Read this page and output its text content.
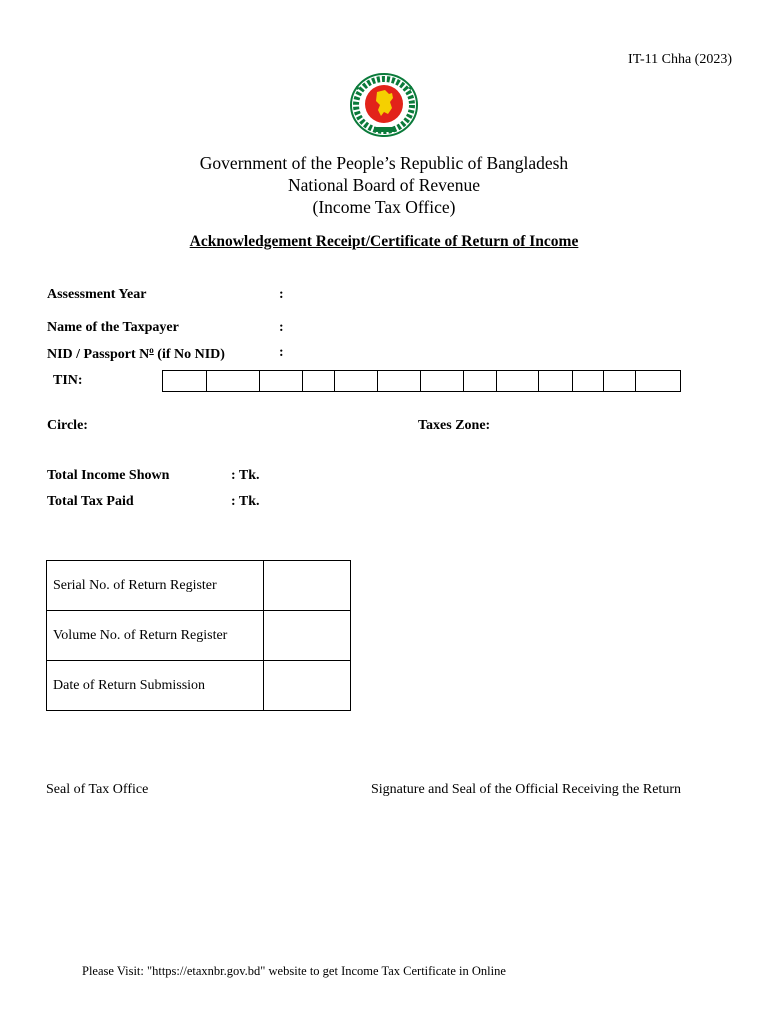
IT-11 Chha (2023)
Government of the People’s Republic of Bangladesh
National Board of Revenue
(Income Tax Office)
Acknowledgement Receipt/Certificate of Return of Income
Assessment Year	:
Name of the Taxpayer	:
NID / Passport $N^o$ (if No NID)	:
TIN:
Circle:	Taxes Zone:
Total Income Shown	: Tk.
Total Tax Paid	: Tk.
Serial No. of Return Register	
Volume No. of Return Register	
Date of Return Submission	
Seal of Tax Office	Signature and Seal of the Official Receiving the Return
Please Visit: "https://etaxnbr.gov.bd" website to get Income Tax Certificate in Online
